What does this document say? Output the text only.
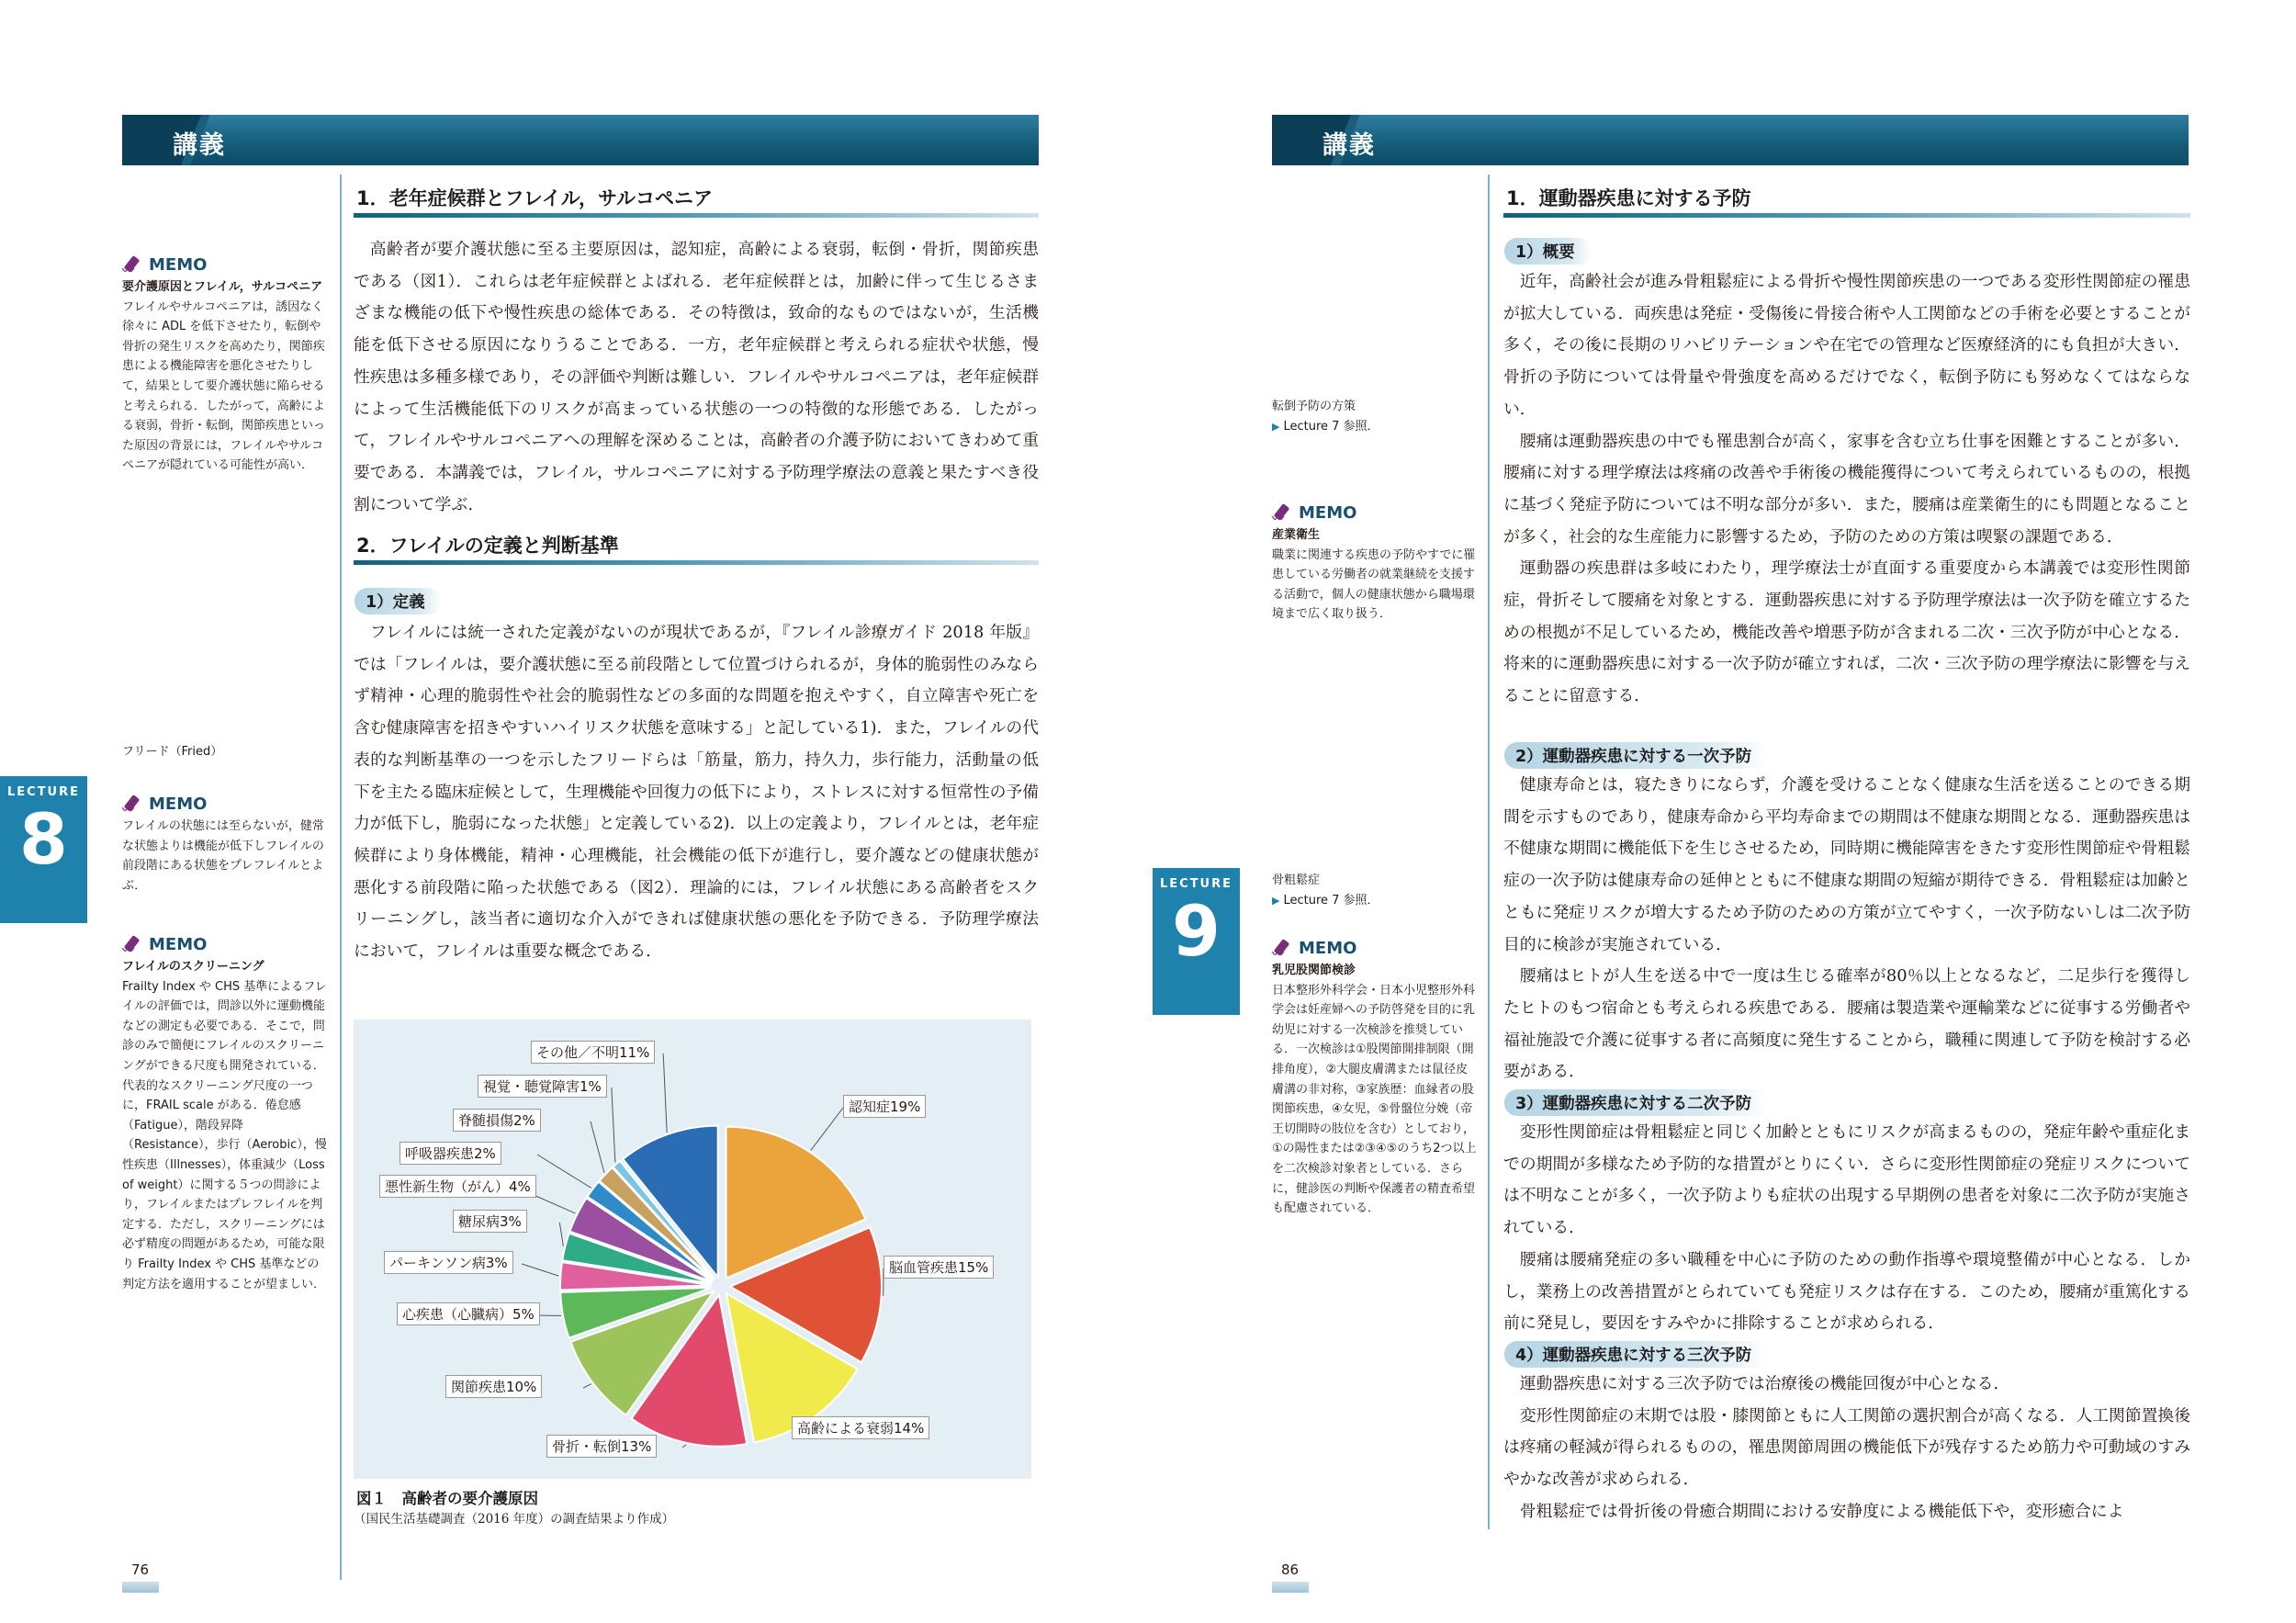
講義
1．老年症候群とフレイル，サルコペニア

高齢者が要介護状態に至る主要原因は，認知症，高齢による衰弱，転倒・骨折，関節疾患である（図1）．これらは老年症候群とよばれる．老年症候群とは，加齢に伴って生じるさまざまな機能の低下や慢性疾患の総体である．その特徴は，致命的なものではないが，生活機能を低下させる原因になりうることである．一方，老年症候群と考えられる症状や状態，慢性疾患は多種多様であり，その評価や判断は難しい．フレイルやサルコペニアは，老年症候群によって生活機能低下のリスクが高まっている状態の一つの特徴的な形態である．したがって，フレイルやサルコペニアへの理解を深めることは，高齢者の介護予防においてきわめて重要である．本講義では，フレイル，サルコペニアに対する予防理学療法の意義と果たすべき役割について学ぶ．

2．フレイルの定義と判断基準
1）定義

フレイルには統一された定義がないのが現状であるが，『フレイル診療ガイド 2018 年版』では「フレイルは，要介護状態に至る前段階として位置づけられるが，身体的脆弱性のみならず精神・心理的脆弱性や社会的脆弱性などの多面的な問題を抱えやすく，自立障害や死亡を含む健康障害を招きやすいハイリスク状態を意味する」と記している1)．また，フレイルの代表的な判断基準の一つを示したフリードらは「筋量，筋力，持久力，歩行能力，活動量の低下を主たる臨床症候として，生理機能や回復力の低下により，ストレスに対する恒常性の予備力が低下し，脆弱になった状態」と定義している2)．以上の定義より，フレイルとは，老年症候群により身体機能，精神・心理機能，社会機能の低下が進行し，要介護などの健康状態が悪化する前段階に陥った状態である（図2）．理論的には，フレイル状態にある高齢者をスクリーニングし，該当者に適切な介入ができれば健康状態の悪化を予防できる．予防理学療法において，フレイルは重要な概念である．

〰 MEMO
要介護原因とフレイル，サルコペニア
フレイルやサルコペニアは，誘因なく徐々に ADL を低下させたり，転倒や骨折の発生リスクを高めたり，関節疾患による機能障害を悪化させたりして，結果として要介護状態に陥らせると考えられる．したがって，高齢による衰弱，骨折・転倒，関節疾患といった原因の背景には，フレイルやサルコペニアが隠れている可能性が高い．
フリード（Fried）
〰 MEMO
フレイルの状態には至らないが，健常な状態よりは機能が低下しフレイルの前段階にある状態をプレフレイルとよぶ．
〰 MEMO
フレイルのスクリーニング
Frailty Index や CHS 基準によるフレイルの評価では，問診以外に運動機能などの測定も必要である．そこで，問診のみで簡便にフレイルのスクリーニングができる尺度も開発されている．代表的なスクリーニング尺度の一つに，FRAIL scale がある．倦怠感（Fatigue），階段昇降（Resistance），歩行（Aerobic），慢性疾患（Illnesses），体重減少（Loss of weight）に関する５つの問診により，フレイルまたはプレフレイルを判定する．ただし，スクリーニングには必ず精度の問題があるため，可能な限り Frailty Index や CHS 基準などの判定方法を適用することが望ましい．
LECTURE
8
認知症19%
脳血管疾患15%
高齢による衰弱14%
骨折・転倒13%
関節疾患10%
心疾患（心臓病）5%
パーキンソン病3%
糖尿病3%
悪性新生物（がん）4%
呼吸器疾患2%
脊髄損傷2%
視覚・聴覚障害1%
その他／不明11%
図１　高齢者の要介護原因
（国民生活基礎調査（2016 年度）の調査結果より作成）
76
講義
1．運動器疾患に対する予防
1）概要

近年，高齢社会が進み骨粗鬆症による骨折や慢性関節疾患の一つである変形性関節症の罹患が拡大している．両疾患は発症・受傷後に骨接合術や人工関節などの手術を必要とすることが多く，その後に長期のリハビリテーションや在宅での管理など医療経済的にも負担が大きい．骨折の予防については骨量や骨強度を高めるだけでなく，転倒予防にも努めなくてはならない．

腰痛は運動器疾患の中でも罹患割合が高く，家事を含む立ち仕事を困難とすることが多い．腰痛に対する理学療法は疼痛の改善や手術後の機能獲得について考えられているものの，根拠に基づく発症予防については不明な部分が多い．また，腰痛は産業衛生的にも問題となることが多く，社会的な生産能力に影響するため，予防のための方策は喫緊の課題である．

運動器の疾患群は多岐にわたり，理学療法士が直面する重要度から本講義では変形性関節症，骨折そして腰痛を対象とする．運動器疾患に対する予防理学療法は一次予防を確立するための根拠が不足しているため，機能改善や増悪予防が含まれる二次・三次予防が中心となる．将来的に運動器疾患に対する一次予防が確立すれば，二次・三次予防の理学療法に影響を与えることに留意する．

2）運動器疾患に対する一次予防

健康寿命とは，寝たきりにならず，介護を受けることなく健康な生活を送ることのできる期間を示すものであり，健康寿命から平均寿命までの期間は不健康な期間となる．運動器疾患は不健康な期間に機能低下を生じさせるため，同時期に機能障害をきたす変形性関節症や骨粗鬆症の一次予防は健康寿命の延伸とともに不健康な期間の短縮が期待できる．骨粗鬆症は加齢とともに発症リスクが増大するため予防のための方策が立てやすく，一次予防ないしは二次予防目的に検診が実施されている．

腰痛はヒトが人生を送る中で一度は生じる確率が80％以上となるなど，二足歩行を獲得したヒトのもつ宿命とも考えられる疾患である．腰痛は製造業や運輸業などに従事する労働者や福祉施設で介護に従事する者に高頻度に発生することから，職種に関連して予防を検討する必要がある．

3）運動器疾患に対する二次予防

変形性関節症は骨粗鬆症と同じく加齢とともにリスクが高まるものの，発症年齢や重症化までの期間が多様なため予防的な措置がとりにくい．さらに変形性関節症の発症リスクについては不明なことが多く，一次予防よりも症状の出現する早期例の患者を対象に二次予防が実施されている．

腰痛は腰痛発症の多い職種を中心に予防のための動作指導や環境整備が中心となる．しかし，業務上の改善措置がとられていても発症リスクは存在する．このため，腰痛が重篤化する前に発見し，要因をすみやかに排除することが求められる．

4）運動器疾患に対する三次予防

運動器疾患に対する三次予防では治療後の機能回復が中心となる．

変形性関節症の末期では股・膝関節ともに人工関節の選択割合が高くなる．人工関節置換後は疼痛の軽減が得られるものの，罹患関節周囲の機能低下が残存するため筋力や可動域のすみやかな改善が求められる．

骨粗鬆症では骨折後の骨癒合期間における安静度による機能低下や，変形癒合によ

転倒予防の方策
▶ Lecture 7 参照．
〰 MEMO
産業衛生
職業に関連する疾患の予防やすでに罹患している労働者の就業継続を支援する活動で，個人の健康状態から職場環境まで広く取り扱う．
骨粗鬆症
▶ Lecture 7 参照．
〰 MEMO
乳児股関節検診
日本整形外科学会・日本小児整形外科学会は妊産婦への予防啓発を目的に乳幼児に対する一次検診を推奨している．一次検診は①股関節開排制限（開排角度），②大腿皮膚溝または鼠径皮膚溝の非対称，③家族歴：血縁者の股関節疾患，④女児，⑤骨盤位分娩（帝王切開時の肢位を含む）としており，①の陽性または②③④⑤のうち2つ以上を二次検診対象者としている．さらに，健診医の判断や保護者の精査希望も配慮されている．
LECTURE
9
86
